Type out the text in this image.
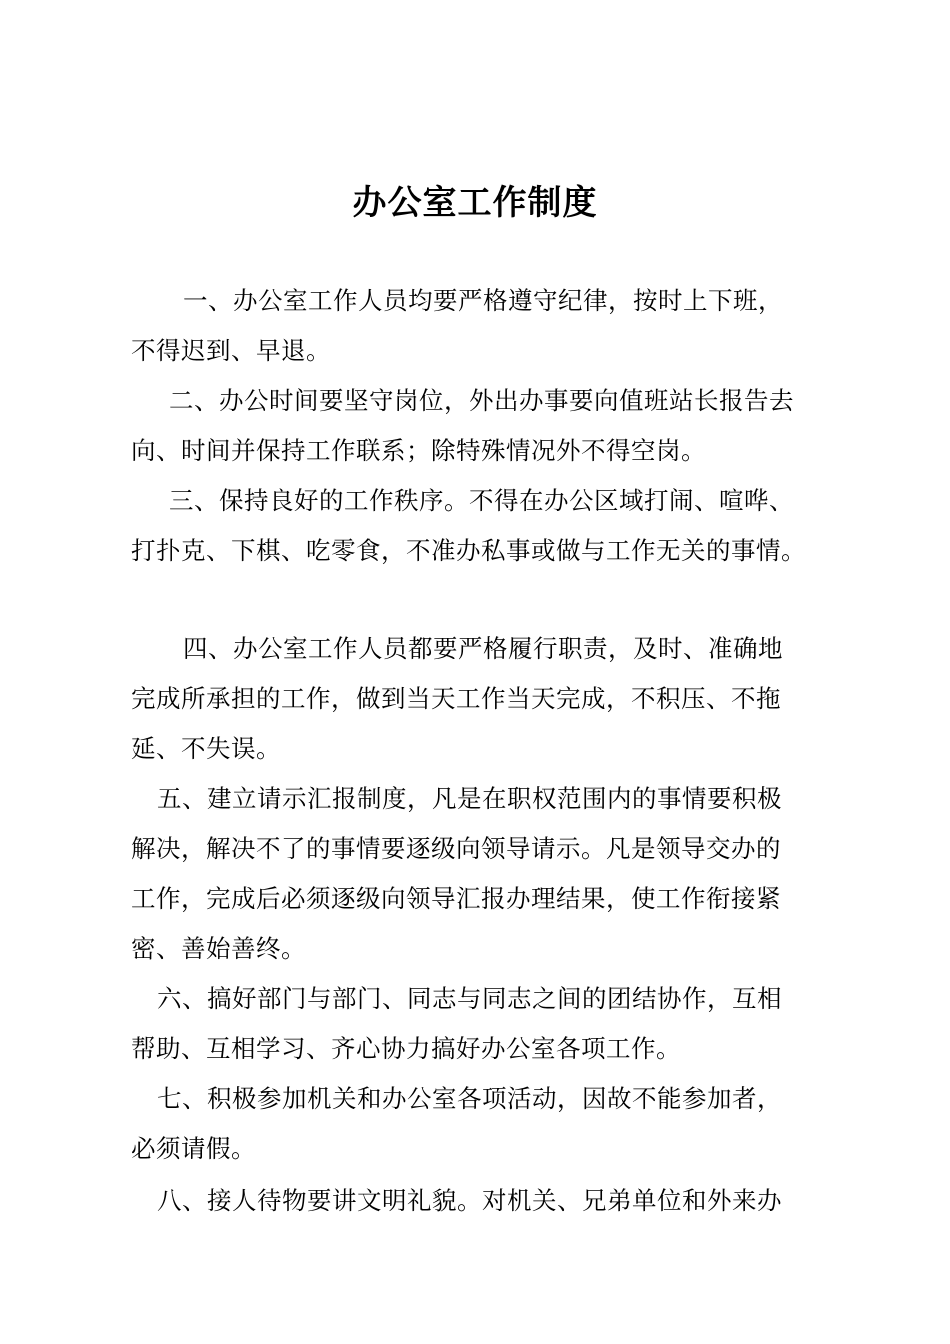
办公室工作制度
一、办公室工作人员均要严格遵守纪律，按时上下班，
不得迟到、早退。
二、办公时间要坚守岗位，外出办事要向值班站长报告去
向、时间并保持工作联系；除特殊情况外不得空岗。
三、保持良好的工作秩序。不得在办公区域打闹、喧哗、
打扑克、下棋、吃零食，不准办私事或做与工作无关的事情。
四、办公室工作人员都要严格履行职责，及时、准确地
完成所承担的工作，做到当天工作当天完成，不积压、不拖
延、不失误。
五、建立请示汇报制度，凡是在职权范围内的事情要积极
解决，解决不了的事情要逐级向领导请示。凡是领导交办的
工作，完成后必须逐级向领导汇报办理结果，使工作衔接紧
密、善始善终。
六、搞好部门与部门、同志与同志之间的团结协作，互相
帮助、互相学习、齐心协力搞好办公室各项工作。
七、积极参加机关和办公室各项活动，因故不能参加者，
必须请假。
八、接人待物要讲文明礼貌。对机关、兄弟单位和外来办
